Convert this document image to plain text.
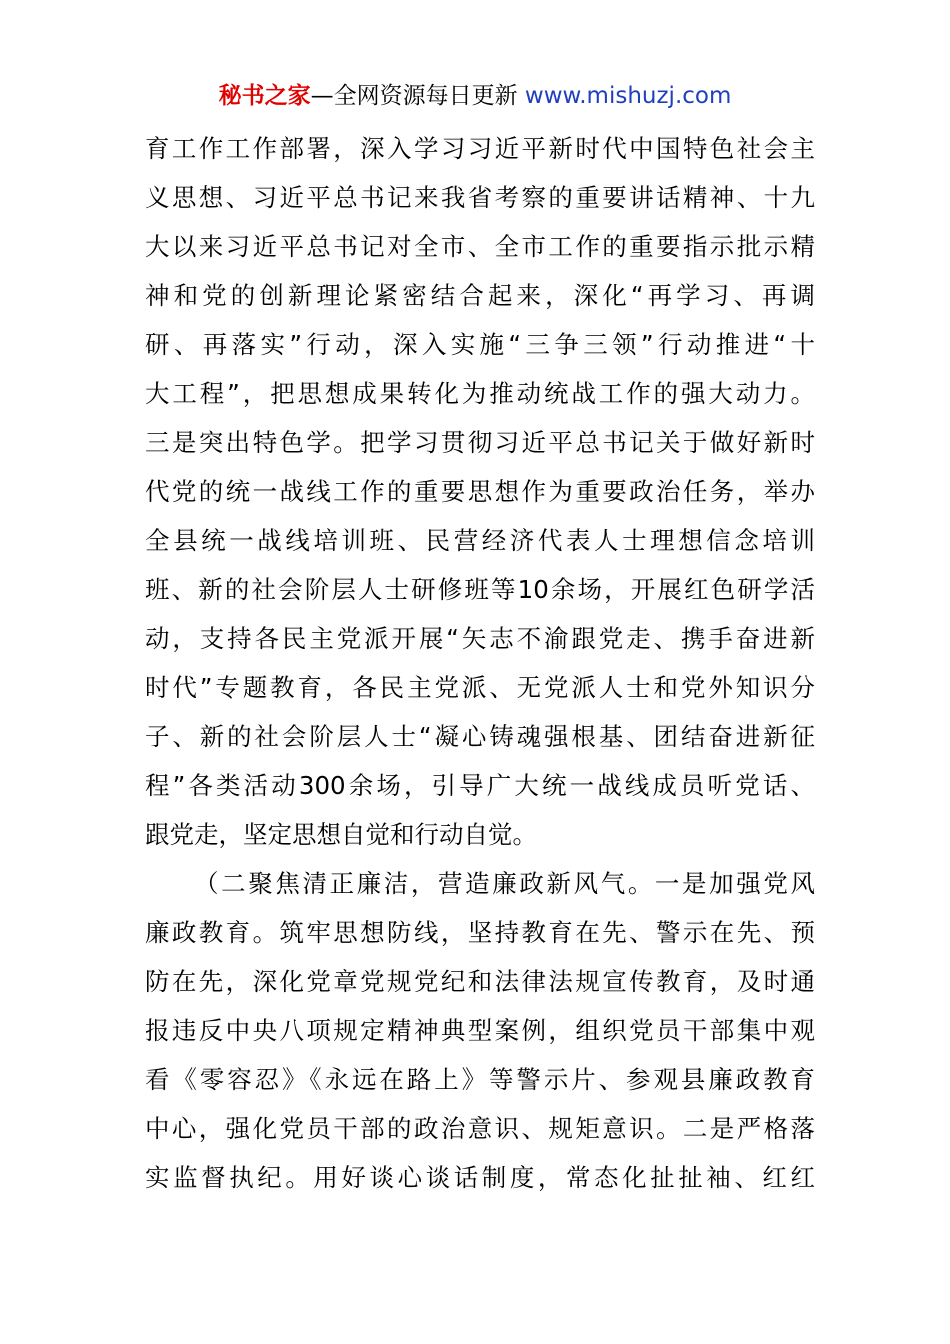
秘书之家—全网资源每日更新 www.mishuzj.com
育工作工作部署，深入学习习近平新时代中国特色社会主
义思想、习近平总书记来我省考察的重要讲话精神、十九
大以来习近平总书记对全市、全市工作的重要指示批示精
神和党的创新理论紧密结合起来，深化“再学习、再调
研、再落实”行动，深入实施“三争三领”行动推进“十
大工程”，把思想成果转化为推动统战工作的强大动力。
三是突出特色学。把学习贯彻习近平总书记关于做好新时
代党的统一战线工作的重要思想作为重要政治任务，举办
全县统一战线培训班、民营经济代表人士理想信念培训
班、新的社会阶层人士研修班等10余场，开展红色研学活
动，支持各民主党派开展“矢志不渝跟党走、携手奋进新
时代”专题教育，各民主党派、无党派人士和党外知识分
子、新的社会阶层人士“凝心铸魂强根基、团结奋进新征
程”各类活动300余场，引导广大统一战线成员听党话、
跟党走，坚定思想自觉和行动自觉。
（二聚焦清正廉洁，营造廉政新风气。一是加强党风
廉政教育。筑牢思想防线，坚持教育在先、警示在先、预
防在先，深化党章党规党纪和法律法规宣传教育，及时通
报违反中央八项规定精神典型案例，组织党员干部集中观
看《零容忍》《永远在路上》等警示片、参观县廉政教育
中心，强化党员干部的政治意识、规矩意识。二是严格落
实监督执纪。用好谈心谈话制度，常态化扯扯袖、红红
